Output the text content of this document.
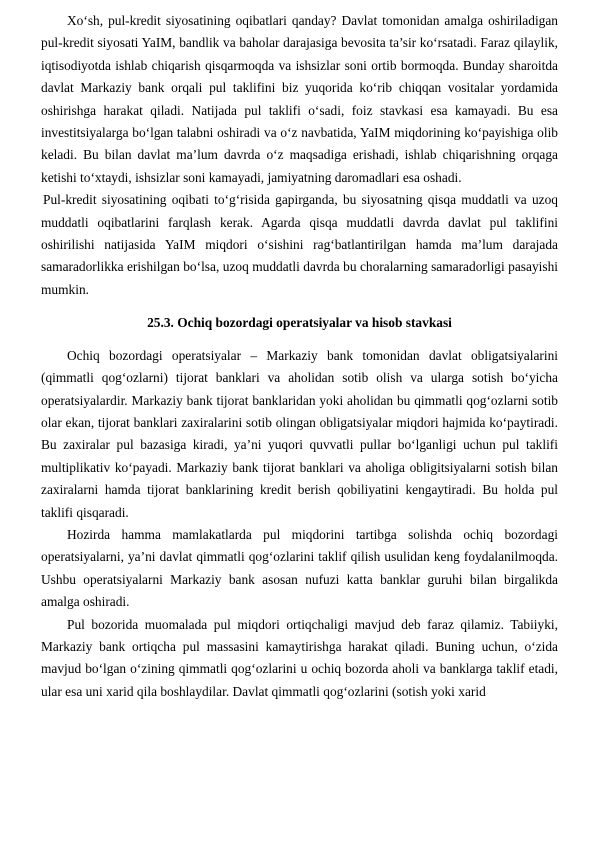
Xo‘sh, pul-kredit siyosatining oqibatlari qanday? Davlat tomonidan amalga oshiriladigan pul-kredit siyosati YaIM, bandlik va baholar darajasiga bevosita ta’sir ko‘rsatadi. Faraz qilaylik, iqtisodiyotda ishlab chiqarish qisqarmoqda va ishsizlar soni ortib bormoqda. Bunday sharoitda davlat Markaziy bank orqali pul taklifini biz yuqorida ko‘rib chiqqan vositalar yordamida oshirishga harakat qiladi. Natijada pul taklifi o‘sadi, foiz stavkasi esa kamayadi. Bu esa investitsiyalarga bo‘lgan talabni oshiradi va o‘z navbatida, YaIM miqdorining ko‘payishiga olib keladi. Bu bilan davlat ma’lum davrda o‘z maqsadiga erishadi, ishlab chiqarishning orqaga ketishi to‘xtaydi, ishsizlar soni kamayadi, jamiyatning daromadlari esa oshadi.

Pul-kredit siyosatining oqibati to‘g‘risida gapirganda, bu siyosatning qisqa muddatli va uzoq muddatli oqibatlarini farqlash kerak. Agarda qisqa muddatli davrda davlat pul taklifini oshirilishi natijasida YaIM miqdori o‘sishini rag‘batlantirilgan hamda ma’lum darajada samaradorlikka erishilgan bo‘lsa, uzoq muddatli davrda bu choralarning samaradorligi pasayishi mumkin.

25.3. Ochiq bozordagi operatsiyalar va hisob stavkasi

Ochiq bozordagi operatsiyalar – Markaziy bank tomonidan davlat obligatsiyalarini (qimmatli qog‘ozlarni) tijorat banklari va aholidan sotib olish va ularga sotish bo‘yicha operatsiyalardir. Markaziy bank tijorat banklaridan yoki aholidan bu qimmatli qog‘ozlarni sotib olar ekan, tijorat banklari zaxiralarini sotib olingan obligatsiyalar miqdori hajmida ko‘paytiradi. Bu zaxiralar pul bazasiga kiradi, ya’ni yuqori quvvatli pullar bo‘lganligi uchun pul taklifi multiplikativ ko‘payadi. Markaziy bank tijorat banklari va aholiga obligitsiyalarni sotish bilan zaxiralarni hamda tijorat banklarining kredit berish qobiliyatini kengaytiradi. Bu holda pul taklifi qisqaradi.

Hozirda hamma mamlakatlarda pul miqdorini tartibga solishda ochiq bozordagi operatsiyalarni, ya’ni davlat qimmatli qog‘ozlarini taklif qilish usulidan keng foydalanilmoqda. Ushbu operatsiyalarni Markaziy bank asosan nufuzi katta banklar guruhi bilan birgalikda amalga oshiradi.

Pul bozorida muomalada pul miqdori ortiqchaligi mavjud deb faraz qilamiz. Tabiiyki, Markaziy bank ortiqcha pul massasini kamaytirishga harakat qiladi. Buning uchun, o‘zida mavjud bo‘lgan o‘zining qimmatli qog‘ozlarini u ochiq bozorda aholi va banklarga taklif etadi, ular esa uni xarid qila boshlaydilar. Davlat qimmatli qog‘ozlarini (sotish yoki xarid
